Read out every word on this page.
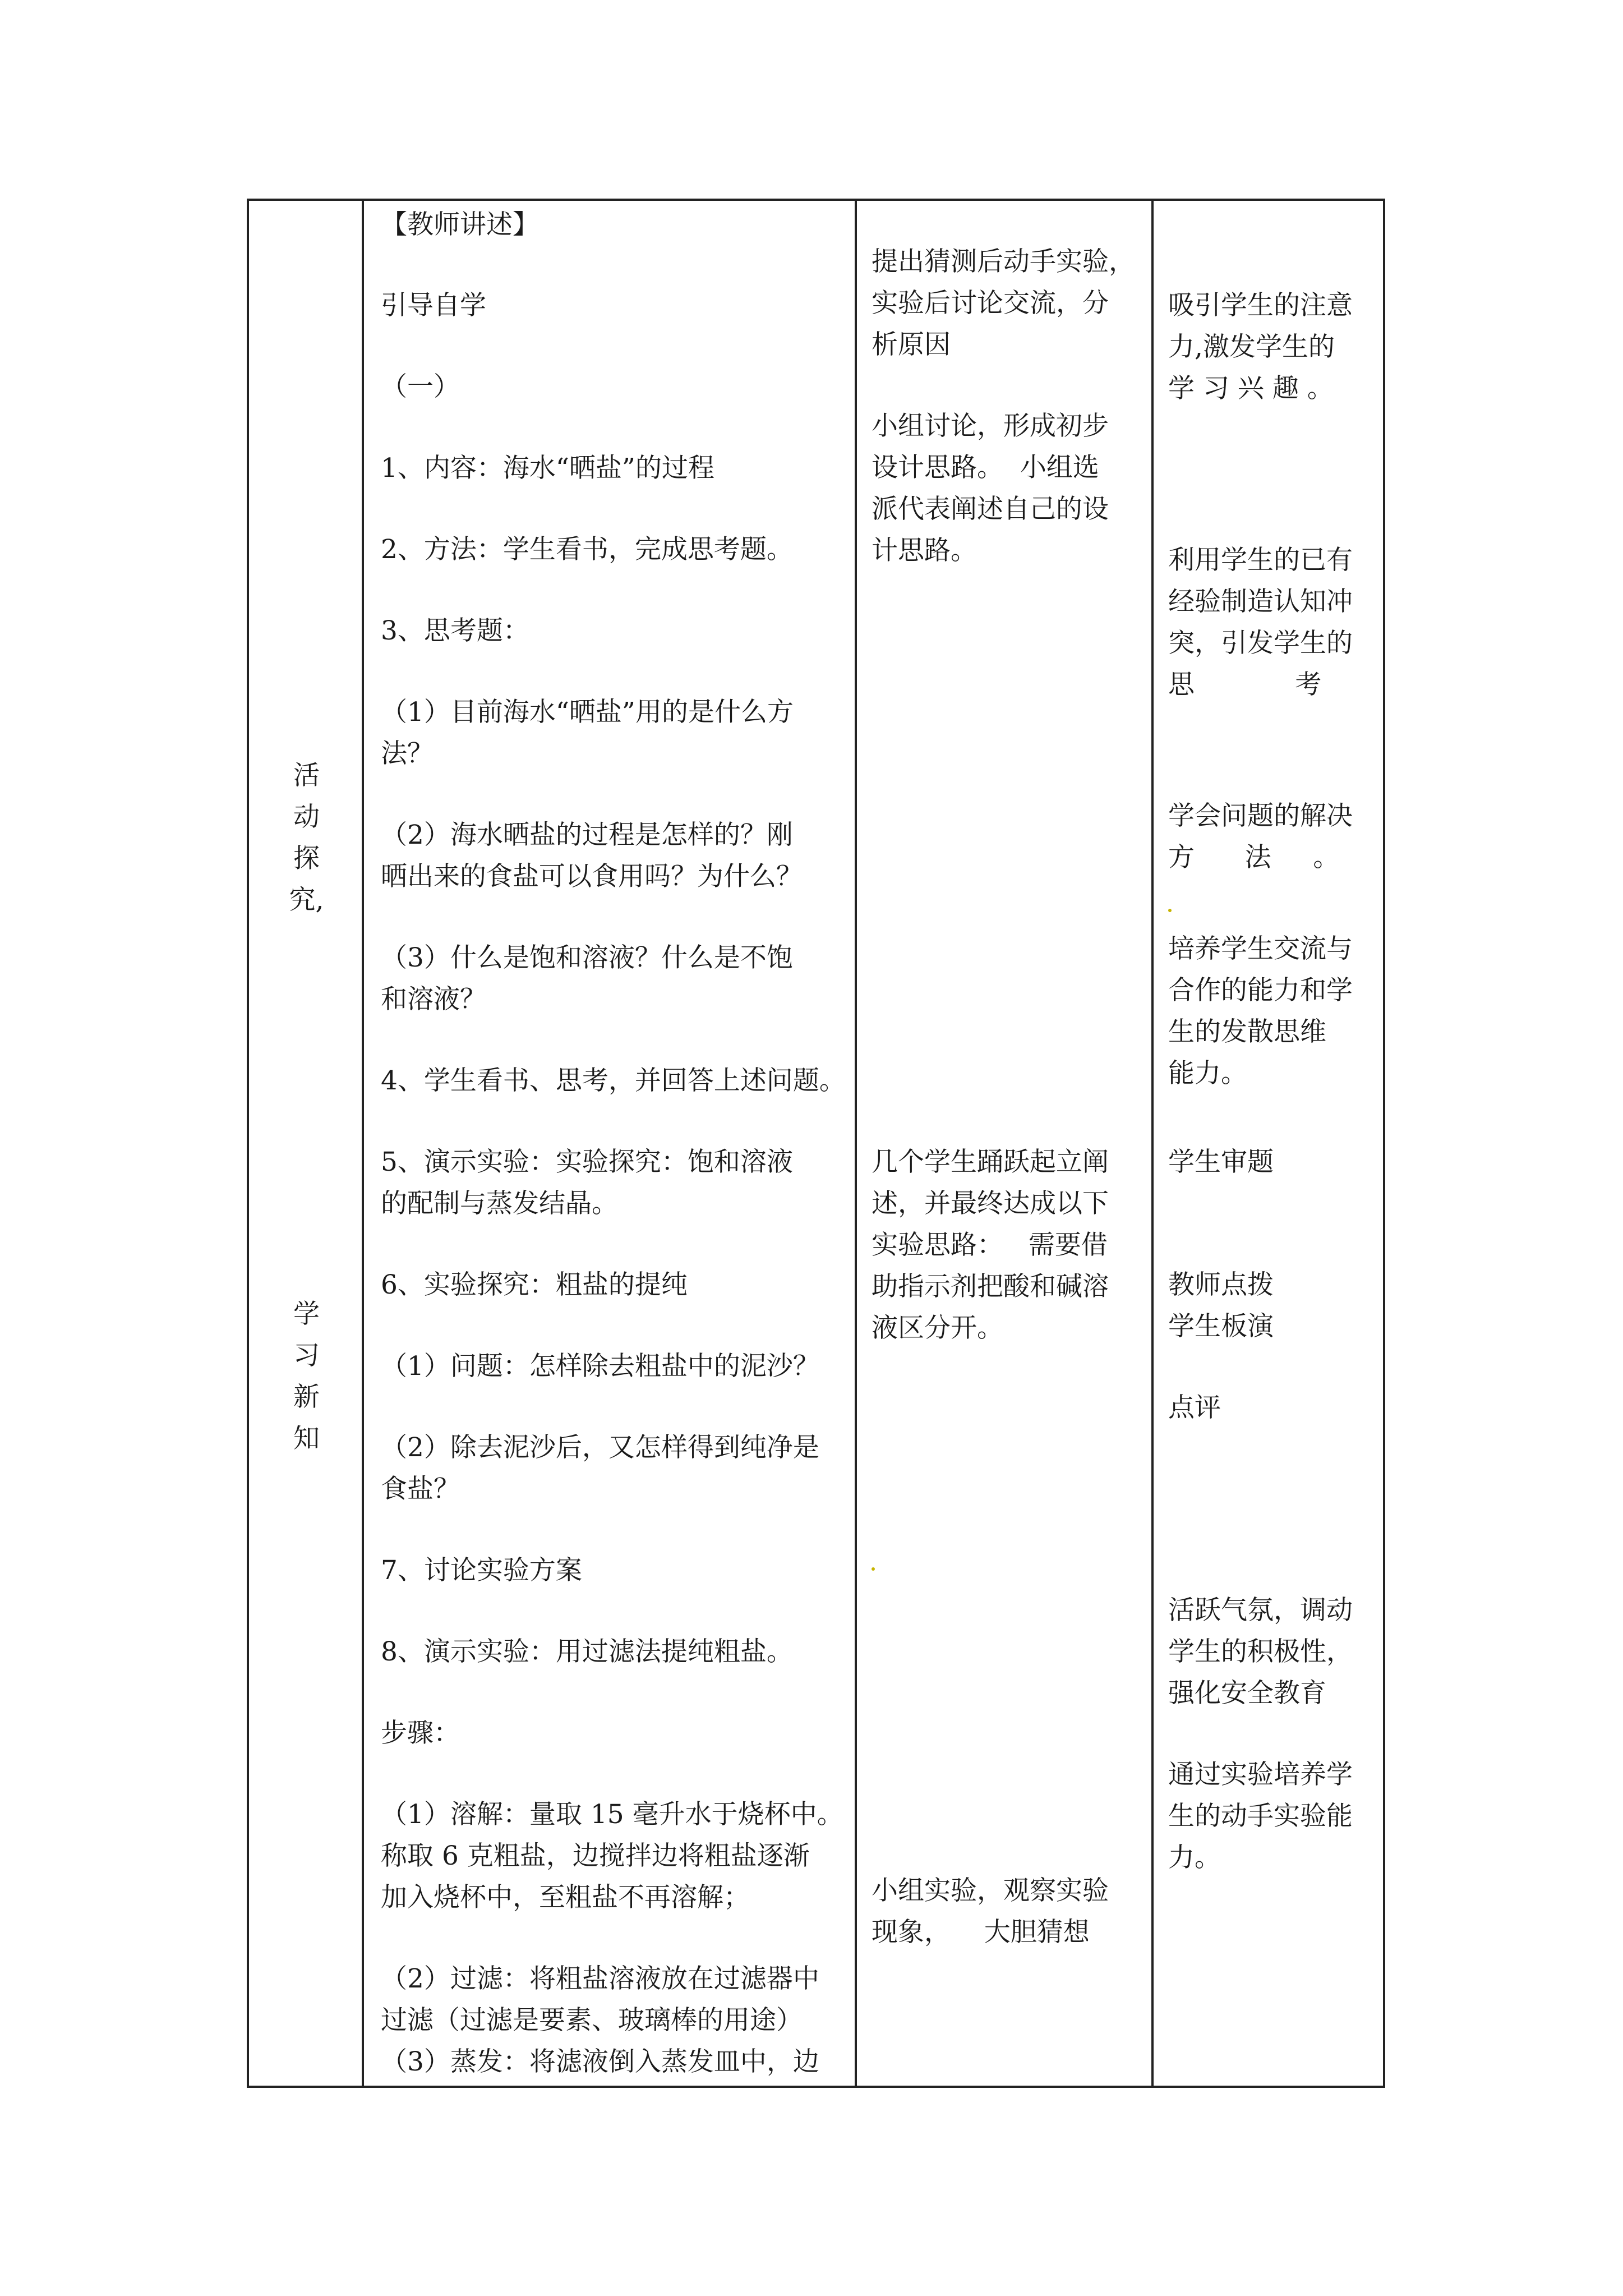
活
动
探
究,
学
习
新
知
【教师讲述】
引导自学
（一）
1、内容：海水“晒盐”的过程
2、方法：学生看书，完成思考题。
3、思考题：
（1）目前海水“晒盐”用的是什么方
法？
（2）海水晒盐的过程是怎样的？刚
晒出来的食盐可以食用吗？为什么？
（3）什么是饱和溶液？什么是不饱
和溶液？
4、学生看书、思考，并回答上述问题。
5、演示实验：实验探究：饱和溶液
的配制与蒸发结晶。
6、实验探究：粗盐的提纯
（1）问题：怎样除去粗盐中的泥沙？
（2）除去泥沙后，又怎样得到纯净是
食盐？
7、讨论实验方案
8、演示实验：用过滤法提纯粗盐。
步骤：
（1）溶解：量取 15 毫升水于烧杯中。
称取 6 克粗盐，边搅拌边将粗盐逐渐
加入烧杯中，至粗盐不再溶解；
（2）过滤：将粗盐溶液放在过滤器中
过滤（过滤是要素、玻璃棒的用途）
（3）蒸发：将滤液倒入蒸发皿中，边
提出猜测后动手实验，
实验后讨论交流，分
析原因
小组讨论，形成初步
设计思路。  小组选
派代表阐述自己的设
计思路。
几个学生踊跃起立阐
述，并最终达成以下
实验思路：   需要借
助指示剂把酸和碱溶
液区分开。
小组实验，观察实验
现象，    大胆猜想
吸引学生的注意
力,激发学生的
学 习 兴 趣 。
利用学生的已有
经验制造认知冲
突，引发学生的
思            考
学会问题的解决
方      法     。
培养学生交流与
合作的能力和学
生的发散思维
能力。
学生审题
教师点拨
学生板演
点评
活跃气氛，调动
学生的积极性，
强化安全教育
通过实验培养学
生的动手实验能
力。
